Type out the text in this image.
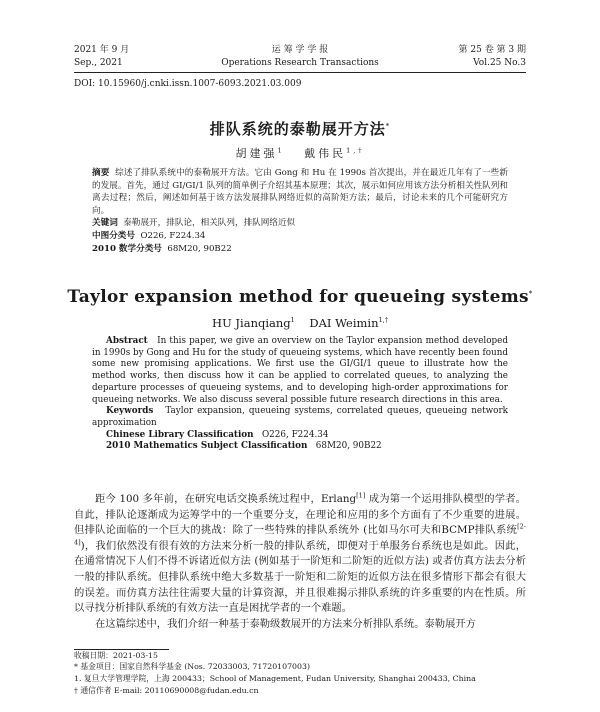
2021 年 9 月
Sep., 2021
运 筹 学 学 报
Operations Research Transactions
第 25 卷 第 3 期
Vol.25 No.3
DOI: 10.15960/j.cnki.issn.1007-6093.2021.03.009
排队系统的泰勒展开方法*
胡建强$^1$ 戴伟民$^{1,\dagger}$
摘要 综述了排队系统中的泰勒展开方法。它由 Gong 和 Hu 在 1990s 首次提出，并在最近几年有了一些新的发展。首先，通过 GI/GI/1 队列的简单例子介绍其基本原理；其次，展示如何应用该方法分析相关性队列和离去过程；然后，阐述如何基于该方法发展排队网络近似的高阶矩方法；最后，讨论未来的几个可能研究方向。
关键词 泰勒展开，排队论，相关队列，排队网络近似
中图分类号 O226, F224.34
2010 数学分类号 68M20, 90B22
Taylor expansion method for queueing systems*
HU Jianqiang$^1$ DAI Weimin$^{1,\dagger}$
Abstract In this paper, we give an overview on the Taylor expansion method developed in 1990s by Gong and Hu for the study of queueing systems, which have recently been found some new promising applications. We first use the GI/GI/1 queue to illustrate how the method works, then discuss how it can be applied to correlated queues, to analyzing the departure processes of queueing systems, and to developing high-order approximations for queueing networks. We also discuss several possible future research directions in this area.
Keywords Taylor expansion, queueing systems, correlated queues, queueing network approximation
Chinese Library Classification O226, F224.34
2010 Mathematics Subject Classification 68M20, 90B22
距今 100 多年前，在研究电话交换系统过程中，Erlang[1] 成为第一个运用排队模型的学者。自此，排队论逐渐成为运筹学中的一个重要分支，在理论和应用的多个方面有了不少重要的进展。但排队论面临的一个巨大的挑战：除了一些特殊的排队系统外 (比如马尔可夫和BCMP排队系统[2-4])，我们依然没有很有效的方法来分析一般的排队系统，即便对于单服务台系统也是如此。因此，在通常情况下人们不得不诉诸近似方法 (例如基于一阶矩和二阶矩的近似方法) 或者仿真方法去分析一般的排队系统。但排队系统中绝大多数基于一阶矩和二阶矩的近似方法在很多情形下都会有很大的误差。而仿真方法往往需要大量的计算资源，并且很难揭示排队系统的许多重要的内在性质。所以寻找分析排队系统的有效方法一直是困扰学者的一个难题。
在这篇综述中，我们介绍一种基于泰勒级数展开的方法来分析排队系统。泰勒展开方
收稿日期：2021-03-15
* 基金项目：国家自然科学基金 (Nos. 72033003, 71720107003)
1. 复旦大学管理学院，上海 200433；School of Management, Fudan University, Shanghai 200433, China
† 通信作者 E-mail: 20110690008@fudan.edu.cn
